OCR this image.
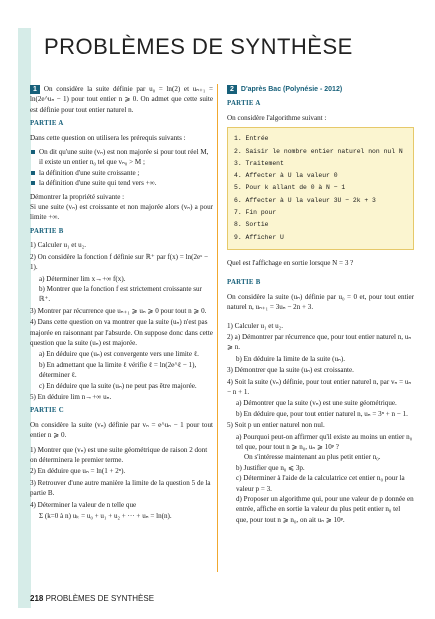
PROBLÈMES DE SYNTHÈSE

1 On considère la suite définie par u₀ = ln(2) et uₙ₊₁ = ln(2e^uₙ − 1) pour tout entier n ⩾ 0. On admet que cette suite est définie pour tout entier naturel n.

PARTIE A

Dans cette question on utilisera les prérequis suivants :

On dit qu'une suite (vₙ) est non majorée si pour tout réel M, il existe un entier n₀ tel que vₙ₀ > M ;
la définition d'une suite croissante ;
la définition d'une suite qui tend vers +∞.

Démontrer la propriété suivante :

Si une suite (vₙ) est croissante et non majorée alors (vₙ) a pour limite +∞.

PARTIE B
1) Calculer u₁ et u₂.
2) On considère la fonction f définie sur ℝ⁺ par f(x) = ln(2eˣ − 1).
a) Déterminer lim x→+∞ f(x).
b) Montrer que la fonction f est strictement croissante sur ℝ⁺.
3) Montrer par récurrence que uₙ₊₁ ⩾ uₙ ⩾ 0 pour tout n ⩾ 0.
4) Dans cette question on va montrer que la suite (uₙ) n'est pas majorée en raisonnant par l'absurde. On suppose donc dans cette question que la suite (uₙ) est majorée.
a) En déduire que (uₙ) est convergente vers une limite ℓ.
b) En admettant que la limite ℓ vérifie ℓ = ln(2e^ℓ − 1), déterminer ℓ.
c) En déduire que la suite (uₙ) ne peut pas être majorée.
5) En déduire lim n→+∞ uₙ.
PARTIE C

On considère la suite (vₙ) définie par vₙ = e^uₙ − 1 pour tout entier n ⩾ 0.

1) Montrer que (vₙ) est une suite géométrique de raison 2 dont on déterminera le premier terme.
2) En déduire que uₙ = ln(1 + 2ⁿ).
3) Retrouver d'une autre manière la limite de la question 5 de la partie B.
4) Déterminer la valeur de n telle que
Σ (k=0 à n) uₖ = u₀ + u₁ + u₂ + ··· + uₙ = ln(n).

2 D'après Bac (Polynésie - 2012)

PARTIE A

On considère l'algorithme suivant :

1. Entrée
2. Saisir le nombre entier naturel non nul N
3. Traitement
4. Affecter à U la valeur 0
5. Pour k allant de 0 à N − 1
6. Affecter à U la valeur 3U − 2k + 3
7. Fin pour
8. Sortie
9. Afficher U

Quel est l'affichage en sortie lorsque N = 3 ?

PARTIE B

On considère la suite (uₙ) définie par u₀ = 0 et, pour tout entier naturel n, uₙ₊₁ = 3uₙ − 2n + 3.

1) Calculer u₁ et u₂.
2) a) Démontrer par récurrence que, pour tout entier naturel n, uₙ ⩾ n.
b) En déduire la limite de la suite (uₙ).
3) Démontrer que la suite (uₙ) est croissante.
4) Soit la suite (vₙ) définie, pour tout entier naturel n, par vₙ = uₙ − n + 1.
a) Démontrer que la suite (vₙ) est une suite géométrique.
b) En déduire que, pour tout entier naturel n, uₙ = 3ⁿ + n − 1.
5) Soit p un entier naturel non nul.
a) Pourquoi peut-on affirmer qu'il existe au moins un entier n₀ tel que, pour tout n ⩾ n₀, uₙ ⩾ 10ᵖ ?
On s'intéresse maintenant au plus petit entier n₀.
b) Justifier que n₀ ⩽ 3p.
c) Déterminer à l'aide de la calculatrice cet entier n₀ pour la valeur p = 3.
d) Proposer un algorithme qui, pour une valeur de p donnée en entrée, affiche en sortie la valeur du plus petit entier n₀ tel que, pour tout n ⩾ n₀, on ait uₙ ⩾ 10ᵖ.
218 PROBLÈMES DE SYNTHÈSE
